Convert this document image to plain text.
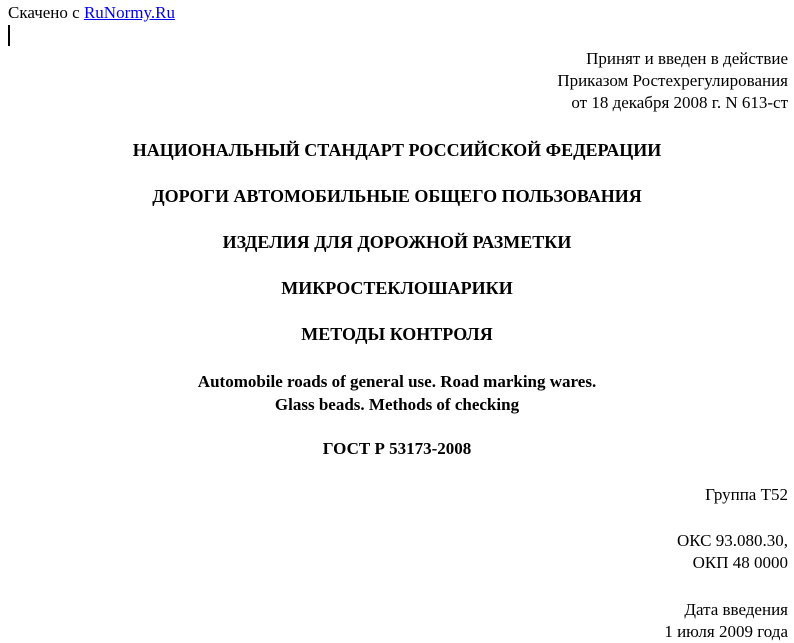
Скачено с RuNormy.Ru
Принят и введен в действие
Приказом Ростехрегулирования
от 18 декабря 2008 г. N 613-ст
НАЦИОНАЛЬНЫЙ СТАНДАРТ РОССИЙСКОЙ ФЕДЕРАЦИИ
ДОРОГИ АВТОМОБИЛЬНЫЕ ОБЩЕГО ПОЛЬЗОВАНИЯ
ИЗДЕЛИЯ ДЛЯ ДОРОЖНОЙ РАЗМЕТКИ
МИКРОСТЕКЛОШАРИКИ
МЕТОДЫ КОНТРОЛЯ
Automobile roads of general use. Road marking wares.
Glass beads. Methods of checking
ГОСТ Р 53173-2008
Группа Т52
ОКС 93.080.30,
ОКП 48 0000
Дата введения
1 июля 2009 года
